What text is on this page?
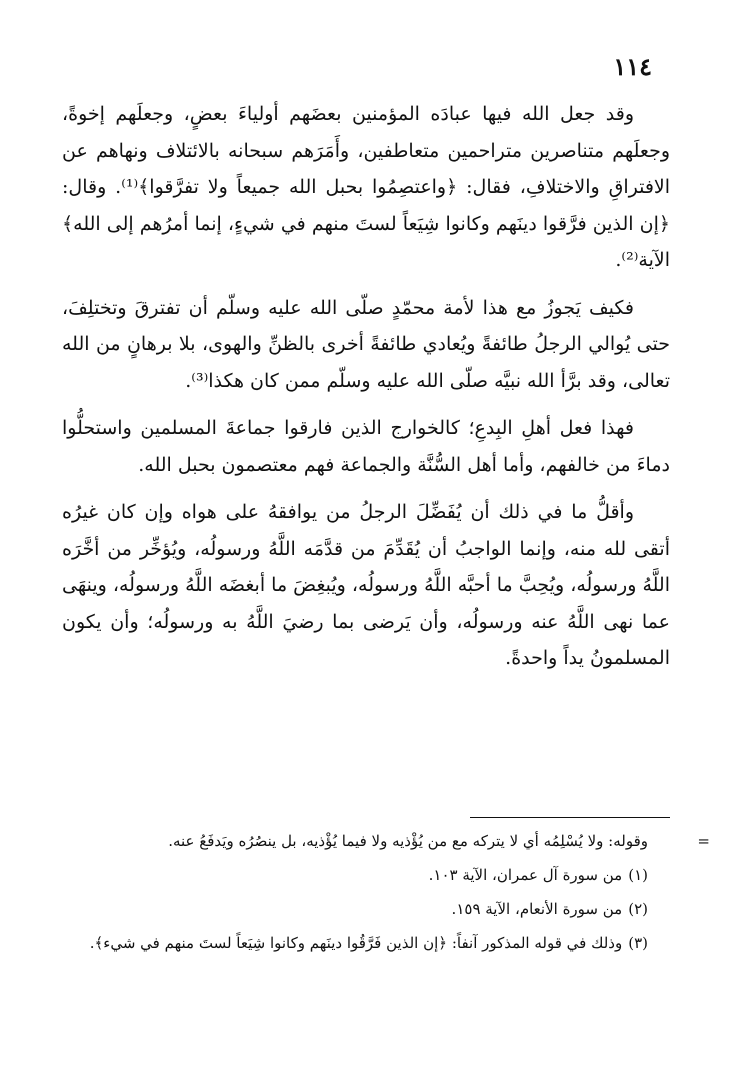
١١٤

وقد جعل الله فيها عبادَه المؤمنين بعضَهم أولياءَ بعضٍ، وجعلَهم إخوةً، وجعلَهم متناصرين متراحمين متعاطفين، وأَمَرَهم سبحانه بالائتلاف ونهاهم عن الافتراقِ والاختلافِ، فقال: ﴿واعتصِمُوا بحبل الله جميعاً ولا تفرَّقوا﴾⁽¹⁾. وقال: ﴿إن الذين فرَّقوا دينَهم وكانوا شِيَعاً لستَ منهم في شيءٍ، إنما أمرُهم إلى الله﴾ الآية⁽²⁾.

فكيف يَجوزُ مع هذا لأمة محمّدٍ صلّى الله عليه وسلّم أن تفترقَ وتختلِفَ، حتى يُوالي الرجلُ طائفةً ويُعادي طائفةً أخرى بالظنِّ والهوى، بلا برهانٍ من الله تعالى، وقد برَّأ الله نبيَّه صلّى الله عليه وسلّم ممن كان هكذا⁽³⁾.

فهذا فعل أهلِ البِدعِ؛ كالخوارج الذين فارقوا جماعةَ المسلمين واستحلُّوا دماءَ من خالفهم، وأما أهل السُّنَّة والجماعة فهم معتصمون بحبل الله.

وأقلُّ ما في ذلك أن يُفَضِّلَ الرجلُ من يوافقهُ على هواه وإن كان غيرُه أتقى لله منه، وإنما الواجبُ أن يُقَدِّمَ من قدَّمَه اللَّهُ ورسولُه، ويُؤخِّر من أخَّرَه اللَّهُ ورسولُه، ويُحِبَّ ما أحبَّه اللَّهُ ورسولُه، ويُبغِضَ ما أبغضَه اللَّهُ ورسولُه، وينهَى عما نهى اللَّهُ عنه ورسولُه، وأن يَرضى بما رضيَ اللَّهُ به ورسولُه؛ وأن يكون المسلمونُ يداً واحدةً.

=
وقوله: ولا يُسْلِمُه أي لا يتركه مع من يُؤْذيه ولا فيما يُؤْذيه، بل ينصُرُه ويَدفَعُ عنه.
(١)من سورة آل عمران، الآية ١٠٣.
(٢)من سورة الأنعام، الآية ١٥٩.
(٣)وذلك في قوله المذكور آنفاً: ﴿إن الذين فَرَّقُوا دينَهم وكانوا شِيَعاً لستَ منهم في شيء﴾.
